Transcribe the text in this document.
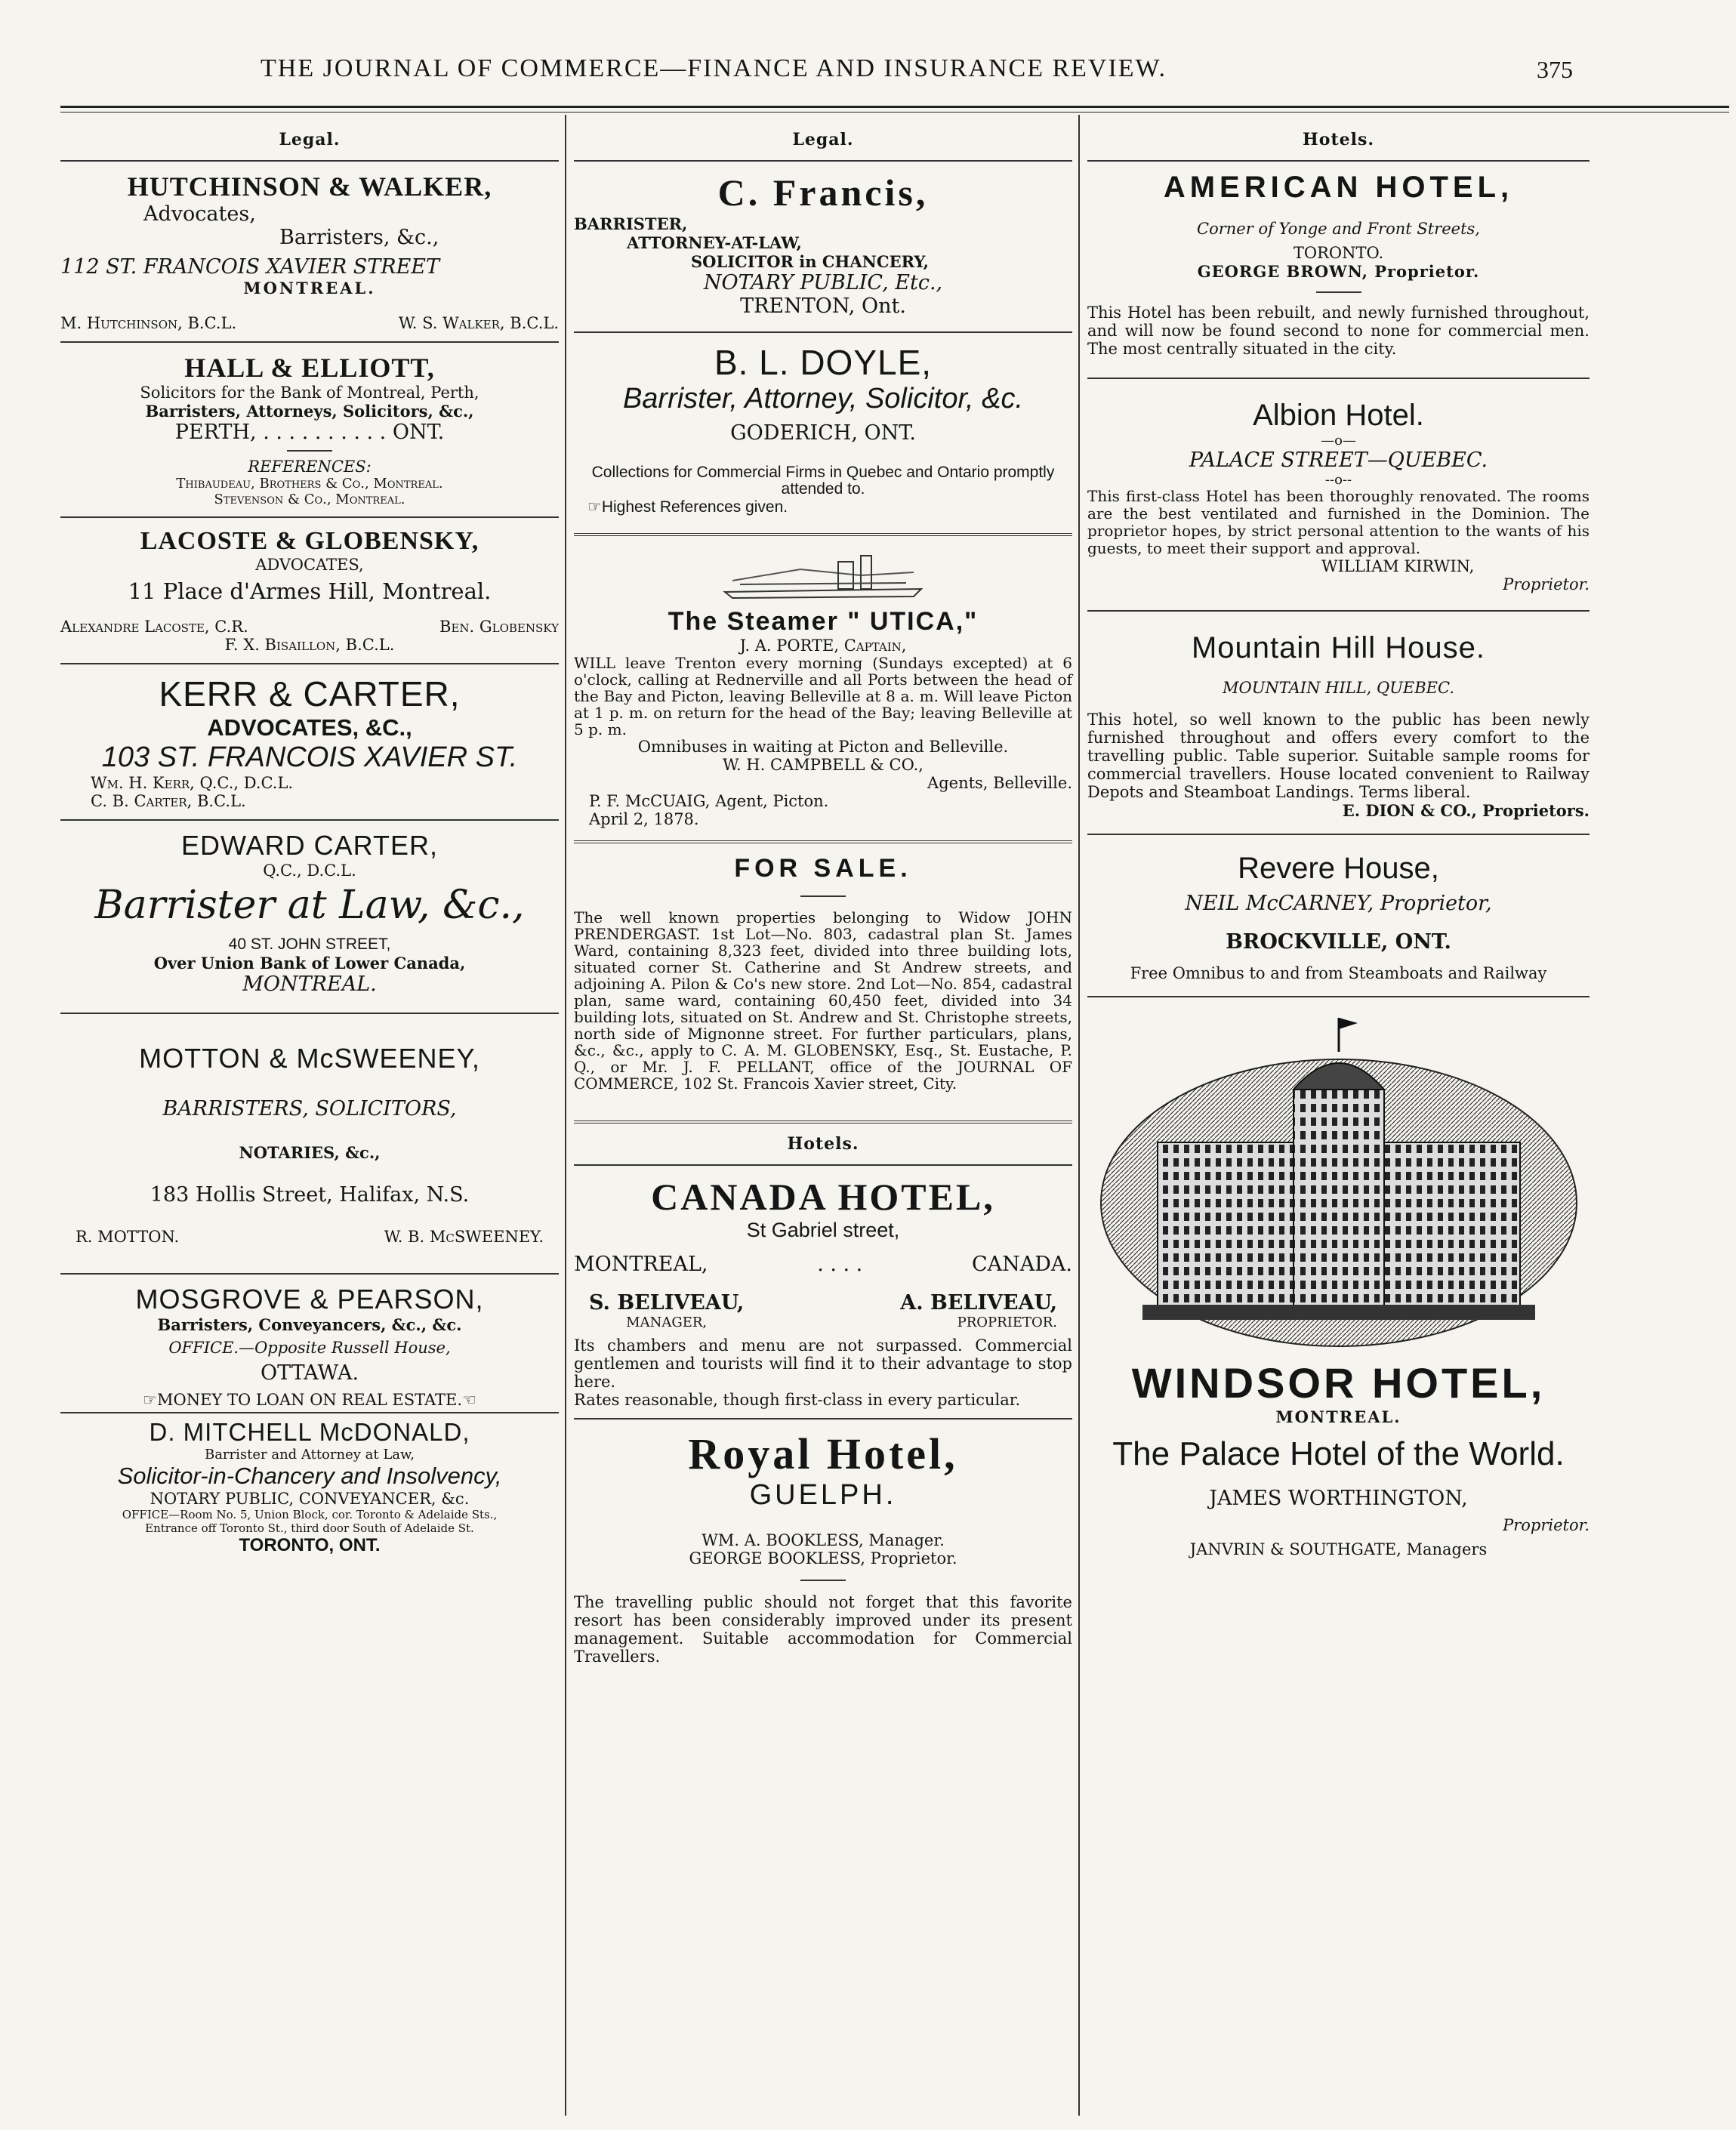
THE JOURNAL OF COMMERCE—FINANCE AND INSURANCE REVIEW.	375
Legal.
HUTCHINSON & WALKER,
Advocates,
Barristers, &c.,
112 ST. FRANCOIS XAVIER STREET
MONTREAL.
M. Hutchinson, B.C.L.	W. S. Walker, B.C.L.
HALL & ELLIOTT,
Solicitors for the Bank of Montreal, Perth,
Barristers, Attorneys, Solicitors, &c.,
PERTH, . . . . . . . . . . ONT.
REFERENCES:
Thibaudeau, Brothers & Co., Montreal.
Stevenson & Co., Montreal.
LACOSTE & GLOBENSKY,
ADVOCATES,
11 Place d'Armes Hill, Montreal.
Alexandre Lacoste, C.R.	Ben. Globensky
F. X. Bisaillon, B.C.L.
KERR & CARTER,
ADVOCATES, &C.,
103 ST. FRANCOIS XAVIER ST.
Wm. H. Kerr, Q.C., D.C.L.
C. B. Carter, B.C.L.
EDWARD CARTER,
Q.C., D.C.L.
Barrister at Law, &c.,
40 ST. JOHN STREET,
Over Union Bank of Lower Canada,
MONTREAL.
MOTTON & McSWEENEY,
BARRISTERS, SOLICITORS,
NOTARIES, &c.,
183 Hollis Street, Halifax, N.S.
R. MOTTON.	W. B. McSWEENEY.
MOSGROVE & PEARSON,
Barristers, Conveyancers, &c., &c.
OFFICE.—Opposite Russell House,
OTTAWA.
☞MONEY TO LOAN ON REAL ESTATE.☜
D. MITCHELL McDONALD,
Barrister and Attorney at Law,
Solicitor-in-Chancery and Insolvency,
NOTARY PUBLIC, CONVEYANCER, &c.
OFFICE—Room No. 5, Union Block, cor. Toronto & Adelaide Sts.,
Entrance off Toronto St., third door South of Adelaide St.
TORONTO, ONT.
Legal.
C. Francis,
BARRISTER,
ATTORNEY-AT-LAW,
SOLICITOR in CHANCERY,
NOTARY PUBLIC, Etc.,
TRENTON, Ont.
B. L. DOYLE,
Barrister, Attorney, Solicitor, &c.
GODERICH, ONT.
Collections for Commercial Firms in Quebec and Ontario promptly attended to.
☞Highest References given.
The Steamer " UTICA,"
J. A. PORTE, Captain,
WILL leave Trenton every morning (Sundays excepted) at 6 o'clock, calling at Rednerville and all Ports between the head of the Bay and Picton, leaving Belleville at 8 a. m. Will leave Picton at 1 p. m. on return for the head of the Bay; leaving Belleville at 5 p. m.
Omnibuses in waiting at Picton and Belleville.
W. H. CAMPBELL & CO.,
Agents, Belleville.
P. F. McCUAIG, Agent, Picton.
April 2, 1878.
FOR SALE.
The well known properties belonging to Widow JOHN PRENDERGAST. 1st Lot—No. 803, cadastral plan St. James Ward, containing 8,323 feet, divided into three building lots, situated corner St. Catherine and St Andrew streets, and adjoining A. Pilon & Co's new store. 2nd Lot—No. 854, cadastral plan, same ward, containing 60,450 feet, divided into 34 building lots, situated on St. Andrew and St. Christophe streets, north side of Mignonne street. For further particulars, plans, &c., &c., apply to C. A. M. GLOBENSKY, Esq., St. Eustache, P. Q., or Mr. J. F. PELLANT, office of the JOURNAL OF COMMERCE, 102 St. Francois Xavier street, City.
Hotels.
CANADA HOTEL,
St Gabriel street,
MONTREAL,	. . . .	CANADA.
S. BELIVEAU,
MANAGER,
A. BELIVEAU,
PROPRIETOR.
Its chambers and menu are not surpassed. Commercial gentlemen and tourists will find it to their advantage to stop here.
Rates reasonable, though first-class in every particular.
Royal Hotel,
GUELPH.
WM. A. BOOKLESS, Manager.
GEORGE BOOKLESS, Proprietor.
The travelling public should not forget that this favorite resort has been considerably improved under its present management. Suitable accommodation for Commercial Travellers.
Hotels.
AMERICAN HOTEL,
Corner of Yonge and Front Streets,
TORONTO.
GEORGE BROWN, Proprietor.
This Hotel has been rebuilt, and newly furnished throughout, and will now be found second to none for commercial men. The most centrally situated in the city.
Albion Hotel.
—o—
PALACE STREET—QUEBEC.
--o--
This first-class Hotel has been thoroughly renovated. The rooms are the best ventilated and furnished in the Dominion. The proprietor hopes, by strict personal attention to the wants of his guests, to meet their support and approval.
WILLIAM KIRWIN,
Proprietor.
Mountain Hill House.
MOUNTAIN HILL, QUEBEC.
This hotel, so well known to the public has been newly furnished throughout and offers every comfort to the travelling public. Table superior. Suitable sample rooms for commercial travellers. House located convenient to Railway Depots and Steamboat Landings. Terms liberal.
E. DION & CO., Proprietors.
Revere House,
NEIL McCARNEY, Proprietor,
BROCKVILLE, ONT.
Free Omnibus to and from Steamboats and Railway
WINDSOR HOTEL,
MONTREAL.
The Palace Hotel of the World.
JAMES WORTHINGTON,
Proprietor.
JANVRIN & SOUTHGATE, Managers
